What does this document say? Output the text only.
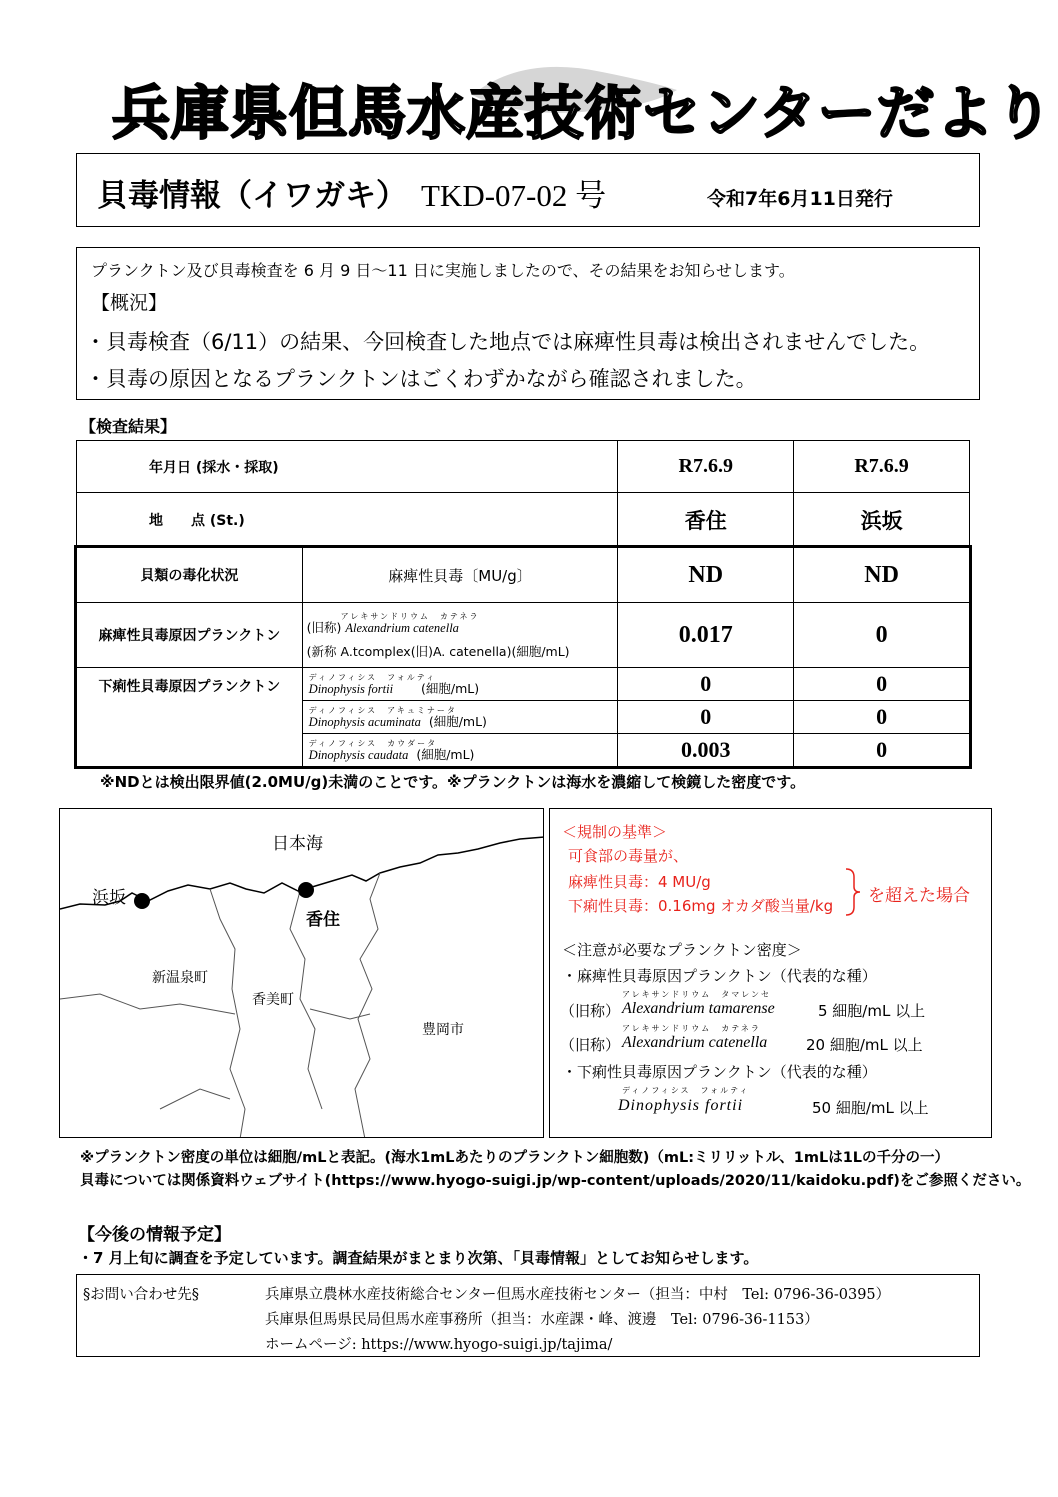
兵庫県但馬水産技術センターだより
貝毒情報（イワガキ） TKD-07-02 号	令和7年6月11日発行
プランクトン及び貝毒検査を 6 月 9 日〜11 日に実施しましたので、その結果をお知らせします。
【概況】
・貝毒検査（6/11）の結果、今回検査した地点では麻痺性貝毒は検出されませんでした。
・貝毒の原因となるプランクトンはごくわずかながら確認されました。
【検査結果】
年月日 (採水・採取)		R7.6.9	R7.6.9
地　　点 (St.)		香住	浜坂
貝類の毒化状況	麻痺性貝毒〔MU/g〕	ND	ND
麻痺性貝毒原因プランクトン	アレキサンドリウム　カテネラ
(旧称) Alexandrium catenella
(新称 A.tcomplex(旧)A. catenella)(細胞/mL)	0.017	0
下痢性貝毒原因プランクトン	ディノフィシス　フォルティ
Dinophysis fortii (細胞/mL)	0	0

	ディノフィシス　アキュミナータ
Dinophysis acuminata (細胞/mL)	0	0

	ディノフィシス　カウダータ
Dinophysis caudata (細胞/mL)	0.003	0
※NDとは検出限界値(2.0MU/g)未満のことです。※プランクトンは海水を濃縮して検鏡した密度です。
日本海
浜坂
香住
新温泉町
香美町
豊岡市
＜規制の基準＞
可食部の毒量が、
麻痺性貝毒：4 MU/g
下痢性貝毒：0.16mg オカダ酸当量/kg を超えた場合
＜注意が必要なプランクトン密度＞
・麻痺性貝毒原因プランクトン（代表的な種）
アレキサンドリウム　タマレンセ
（旧称） Alexandrium tamarense	5 細胞/mL 以上
アレキサンドリウム　カテネラ
（旧称） Alexandrium catenella	20 細胞/mL 以上
・下痢性貝毒原因プランクトン（代表的な種）
ディノフィシス　フォルティ
Dinophysis fortii	50 細胞/mL 以上
※プランクトン密度の単位は細胞/mLと表記。(海水1mLあたりのプランクトン細胞数)（mL:ミリリットル、1mLは1Lの千分の一）
貝毒については関係資料ウェブサイト(https://www.hyogo-suigi.jp/wp-content/uploads/2020/11/kaidoku.pdf)をご参照ください。
【今後の情報予定】
・7 月上旬に調査を予定しています。調査結果がまとまり次第、「貝毒情報」としてお知らせします。
§お問い合わせ先§	兵庫県立農林水産技術総合センター但馬水産技術センター（担当：中村　Tel: 0796-36-0395）
兵庫県但馬県民局但馬水産事務所（担当：水産課・峰、渡邊　Tel: 0796-36-1153）
ホームページ: https://www.hyogo-suigi.jp/tajima/
